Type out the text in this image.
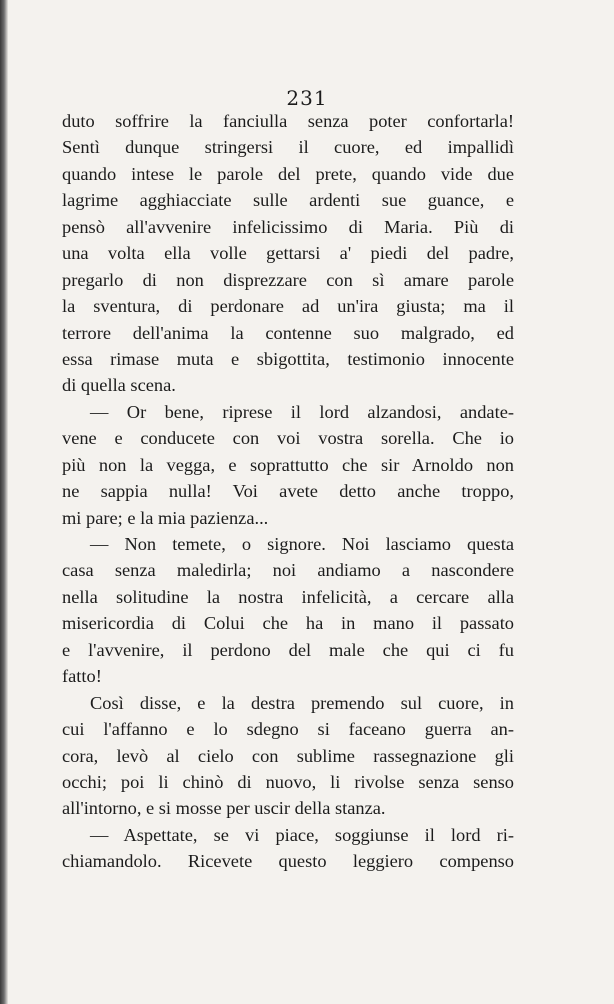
231
duto soffrire la fanciulla senza poter confortarla!
Sentì dunque stringersi il cuore, ed impallidì
quando intese le parole del prete, quando vide due
lagrime agghiacciate sulle ardenti sue guance, e
pensò all'avvenire infelicissimo di Maria. Più di
una volta ella volle gettarsi a' piedi del padre,
pregarlo di non disprezzare con sì amare parole
la sventura, di perdonare ad un'ira giusta; ma il
terrore dell'anima la contenne suo malgrado, ed
essa rimase muta e sbigottita, testimonio innocente
di quella scena.
— Or bene, riprese il lord alzandosi, andate-
vene e conducete con voi vostra sorella. Che io
più non la vegga, e soprattutto che sir Arnoldo non
ne sappia nulla! Voi avete detto anche troppo,
mi pare; e la mia pazienza...
— Non temete, o signore. Noi lasciamo questa
casa senza maledirla; noi andiamo a nascondere
nella solitudine la nostra infelicità, a cercare alla
misericordia di Colui che ha in mano il passato
e l'avvenire, il perdono del male che qui ci fu
fatto!
Così disse, e la destra premendo sul cuore, in
cui l'affanno e lo sdegno si faceano guerra an-
cora, levò al cielo con sublime rassegnazione gli
occhi; poi li chinò di nuovo, li rivolse senza senso
all'intorno, e si mosse per uscir della stanza.
— Aspettate, se vi piace, soggiunse il lord ri-
chiamandolo. Ricevete questo leggiero compenso
